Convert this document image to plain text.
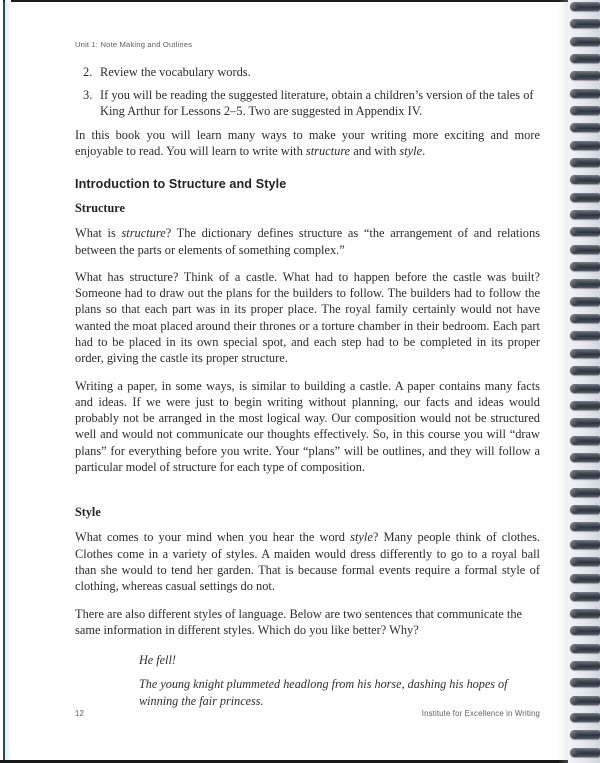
Unit 1: Note Making and Outlines
2. Review the vocabulary words.
3. If you will be reading the suggested literature, obtain a children’s version of the tales of King Arthur for Lessons 2–5. Two are suggested in Appendix IV.

In this book you will learn many ways to make your writing more exciting and more enjoyable to read. You will learn to write with structure and with style.

Introduction to Structure and Style
Structure

What is structure? The dictionary defines structure as “the arrangement of and relations between the parts or elements of something complex.”

What has structure? Think of a castle. What had to happen before the castle was built? Someone had to draw out the plans for the builders to follow. The builders had to follow the plans so that each part was in its proper place. The royal family certainly would not have wanted the moat placed around their thrones or a torture chamber in their bedroom. Each part had to be placed in its own special spot, and each step had to be completed in its proper order, giving the castle its proper structure.

Writing a paper, in some ways, is similar to building a castle. A paper contains many facts and ideas. If we were just to begin writing without planning, our facts and ideas would probably not be arranged in the most logical way. Our composition would not be structured well and would not communicate our thoughts effectively. So, in this course you will “draw plans” for everything before you write. Your “plans” will be outlines, and they will follow a particular model of structure for each type of composition.

Style

What comes to your mind when you hear the word style? Many people think of clothes. Clothes come in a variety of styles. A maiden would dress differently to go to a royal ball than she would to tend her garden. That is because formal events require a formal style of clothing, whereas casual settings do not.

There are also different styles of language. Below are two sentences that communicate the same information in different styles. Which do you like better? Why?

He fell!

The young knight plummeted headlong from his horse, dashing his hopes of winning the fair princess.

12	Institute for Excellence in Writing
